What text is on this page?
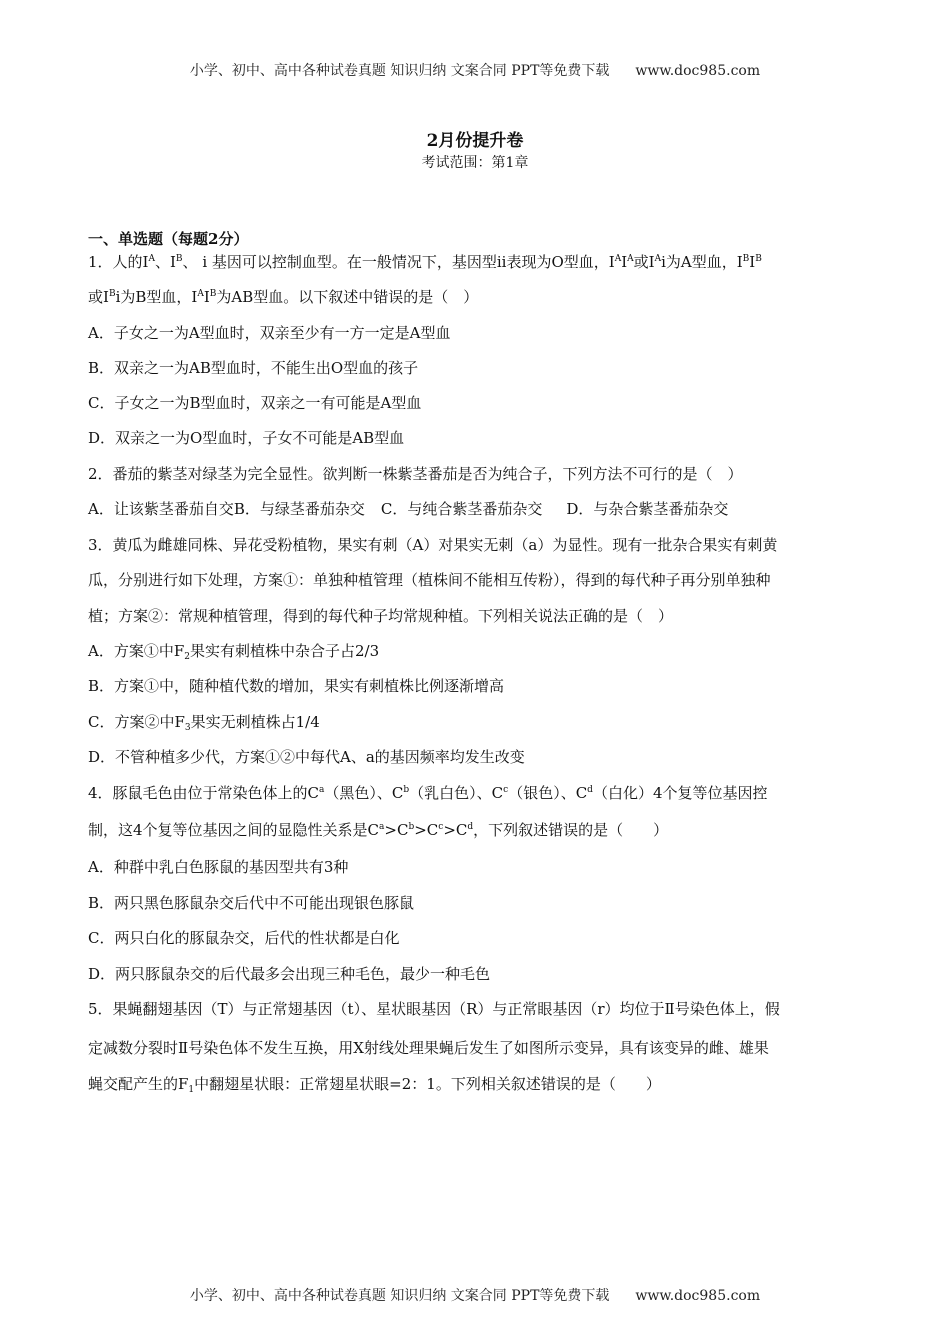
小学、初中、高中各种试卷真题 知识归纳 文案合同 PPT等免费下载 www.doc985.com
2月份提升卷
考试范围：第1章
一、单选题（每题2分）
1．人的$I^A$、$I^B$、 i 基因可以控制血型。在一般情况下，基因型ii表现为O型血，$I^AI^A$或$I^Ai$为A型血，$I^BI^B$
或$I^Bi$为B型血，$I^AI^B$为AB型血。以下叙述中错误的是（　）
A．子女之一为A型血时，双亲至少有一方一定是A型血
B．双亲之一为AB型血时，不能生出O型血的孩子
C．子女之一为B型血时，双亲之一有可能是A型血
D．双亲之一为O型血时，子女不可能是AB型血
2．番茄的紫茎对绿茎为完全显性。欲判断一株紫茎番茄是否为纯合子，下列方法不可行的是（　）
A．让该紫茎番茄自交B．与绿茎番茄杂交 C．与纯合紫茎番茄杂交 D．与杂合紫茎番茄杂交
3．黄瓜为雌雄同株、异花受粉植物，果实有刺（A）对果实无刺（a）为显性。现有一批杂合果实有刺黄
瓜，分别进行如下处理，方案①：单独种植管理（植株间不能相互传粉），得到的每代种子再分别单独种
植；方案②：常规种植管理，得到的每代种子均常规种植。下列相关说法正确的是（　）
A．方案①中$F_2$果实有刺植株中杂合子占2/3
B．方案①中，随种植代数的增加，果实有刺植株比例逐渐增高
C．方案②中$F_3$果实无刺植株占1/4
D．不管种植多少代，方案①②中每代A、a的基因频率均发生改变
4．豚鼠毛色由位于常染色体上的$C^a$（黑色）、$C^b$（乳白色）、$C^c$（银色）、$C^d$（白化）4个复等位基因控
制，这4个复等位基因之间的显隐性关系是$C^a>C^b>C^c>C^d$，下列叙述错误的是（　　）
A．种群中乳白色豚鼠的基因型共有3种
B．两只黑色豚鼠杂交后代中不可能出现银色豚鼠
C．两只白化的豚鼠杂交，后代的性状都是白化
D．两只豚鼠杂交的后代最多会出现三种毛色，最少一种毛色
5．果蝇翻翅基因（T）与正常翅基因（t）、星状眼基因（R）与正常眼基因（r）均位于Ⅱ号染色体上，假
定减数分裂时Ⅱ号染色体不发生互换，用X射线处理果蝇后发生了如图所示变异，具有该变异的雌、雄果
蝇交配产生的$F_1$中翻翅星状眼：正常翅星状眼=2：1。下列相关叙述错误的是（　　）
小学、初中、高中各种试卷真题 知识归纳 文案合同 PPT等免费下载 www.doc985.com
